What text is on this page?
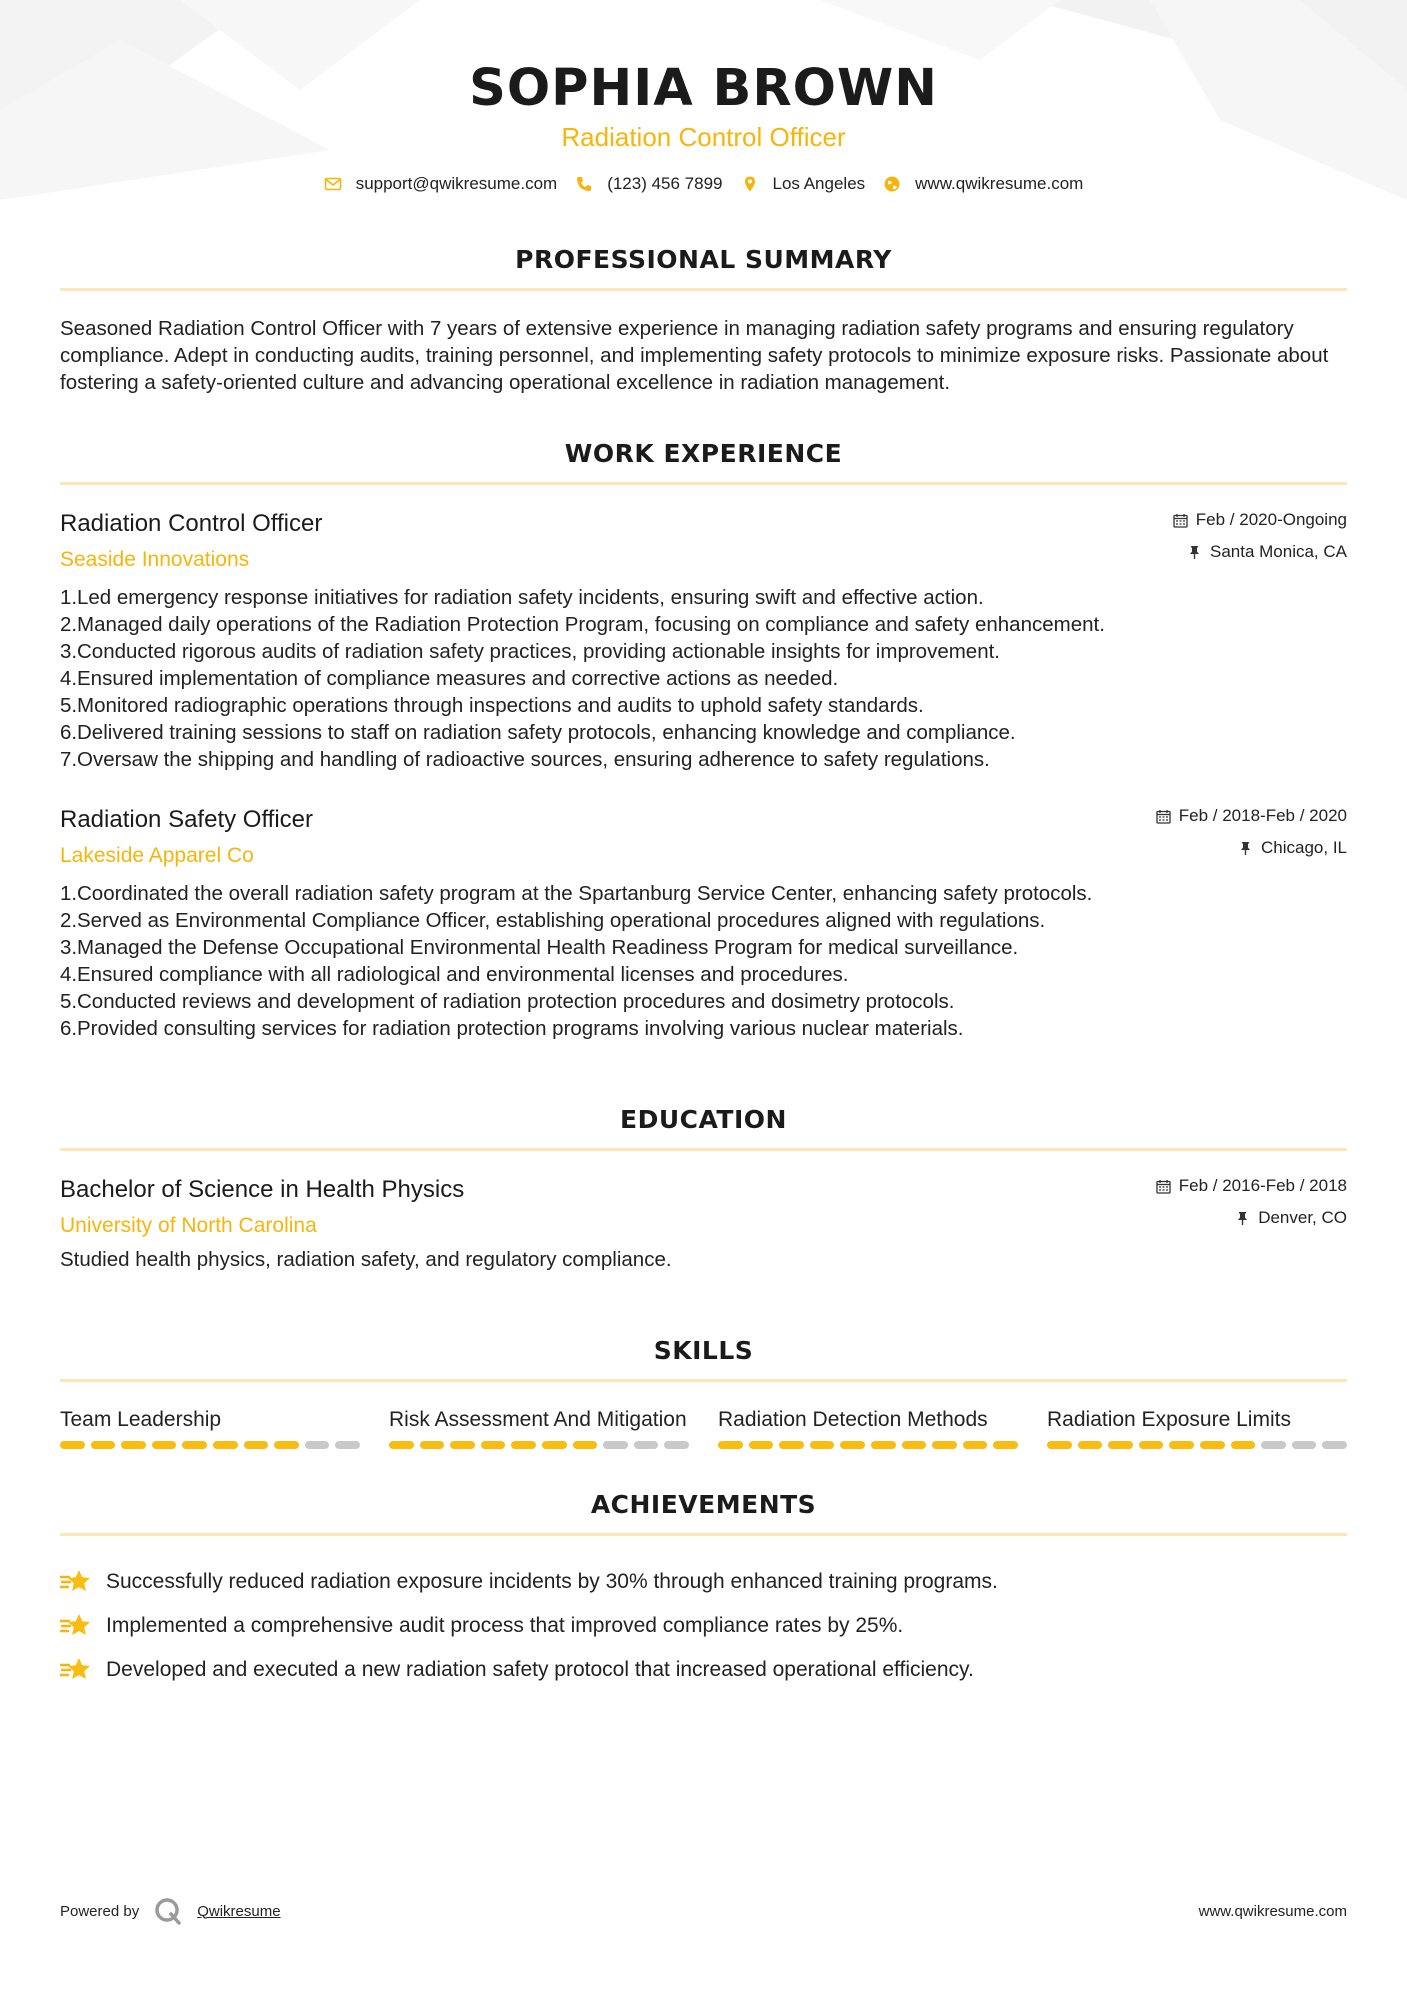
SOPHIA BROWN
Radiation Control Officer
support@qwikresume.com	(123) 456 7899	Los Angeles	www.qwikresume.com
PROFESSIONAL SUMMARY
Seasoned Radiation Control Officer with 7 years of extensive experience in managing radiation safety programs and ensuring regulatory compliance. Adept in conducting audits, training personnel, and implementing safety protocols to minimize exposure risks. Passionate about fostering a safety-oriented culture and advancing operational excellence in radiation management.
WORK EXPERIENCE
Radiation Control Officer
Seaside Innovations
Feb / 2020-Ongoing
Santa Monica, CA
1. Led emergency response initiatives for radiation safety incidents, ensuring swift and effective action.
2. Managed daily operations of the Radiation Protection Program, focusing on compliance and safety enhancement.
3. Conducted rigorous audits of radiation safety practices, providing actionable insights for improvement.
4. Ensured implementation of compliance measures and corrective actions as needed.
5. Monitored radiographic operations through inspections and audits to uphold safety standards.
6. Delivered training sessions to staff on radiation safety protocols, enhancing knowledge and compliance.
7. Oversaw the shipping and handling of radioactive sources, ensuring adherence to safety regulations.
Radiation Safety Officer
Lakeside Apparel Co
Feb / 2018-Feb / 2020
Chicago, IL
1. Coordinated the overall radiation safety program at the Spartanburg Service Center, enhancing safety protocols.
2. Served as Environmental Compliance Officer, establishing operational procedures aligned with regulations.
3. Managed the Defense Occupational Environmental Health Readiness Program for medical surveillance.
4. Ensured compliance with all radiological and environmental licenses and procedures.
5. Conducted reviews and development of radiation protection procedures and dosimetry protocols.
6. Provided consulting services for radiation protection programs involving various nuclear materials.
EDUCATION
Bachelor of Science in Health Physics
University of North Carolina
Feb / 2016-Feb / 2018
Denver, CO
Studied health physics, radiation safety, and regulatory compliance.
SKILLS
Team Leadership	Risk Assessment And Mitigation Radiation Detection Methods	Radiation Exposure Limits
ACHIEVEMENTS
Successfully reduced radiation exposure incidents by 30% through enhanced training programs.
Implemented a comprehensive audit process that improved compliance rates by 25%.
Developed and executed a new radiation safety protocol that increased operational efficiency.
Powered by	Qwikresume	www.qwikresume.com
